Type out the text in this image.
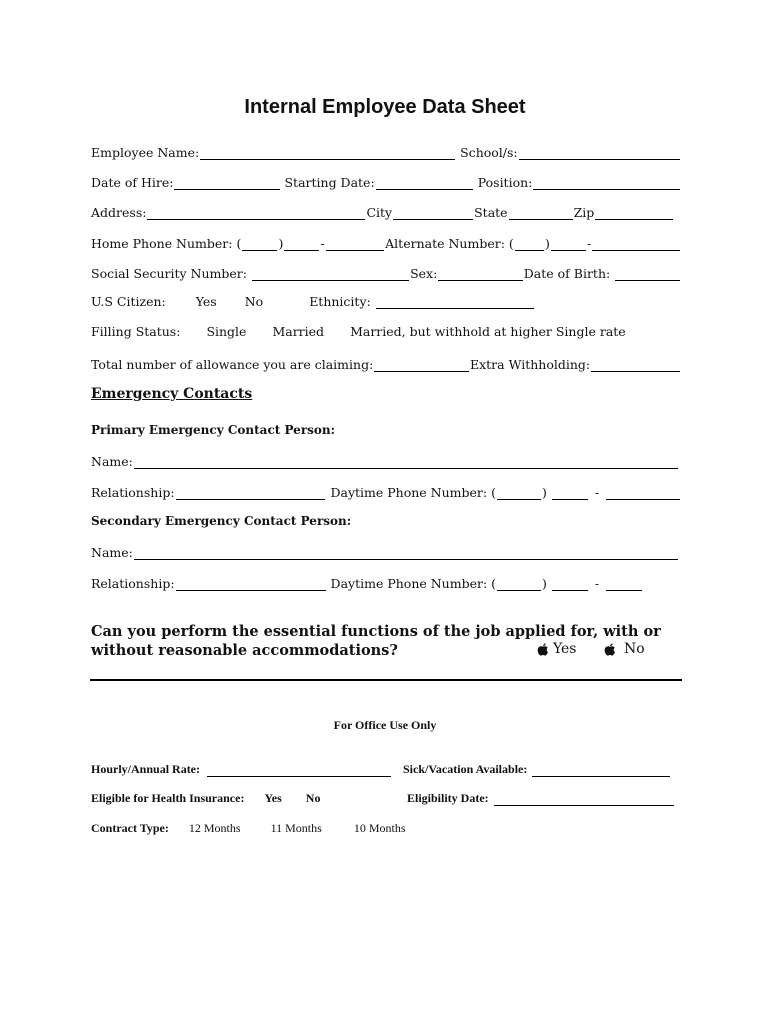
Internal Employee Data Sheet
Employee Name:	School/s:
Date of Hire:	Starting Date:	Position:
Address:	City	State	Zip
Home Phone Number: (	)	-	Alternate Number: (	)	-
Social Security Number:	Sex:	Date of Birth:
U.S Citizen: Yes No	Ethnicity:
Filling Status: Single Married Married, but withhold at higher Single rate
Total number of allowance you are claiming:	Extra Withholding:
Emergency Contacts
Primary Emergency Contact Person:
Name:
Relationship:	Daytime Phone Number: (	)	-
Secondary Emergency Contact Person:
Name:
Relationship:	Daytime Phone Number: (	)	-
Can you perform the essential functions of the job applied for, with or
without reasonable accommodations?	Yes	No
For Office Use Only
Hourly/Annual Rate:	Sick/Vacation Available:
Eligible for Health Insurance: Yes No	Eligibility Date:
Contract Type: 12 Months	11 Months	10 Months
